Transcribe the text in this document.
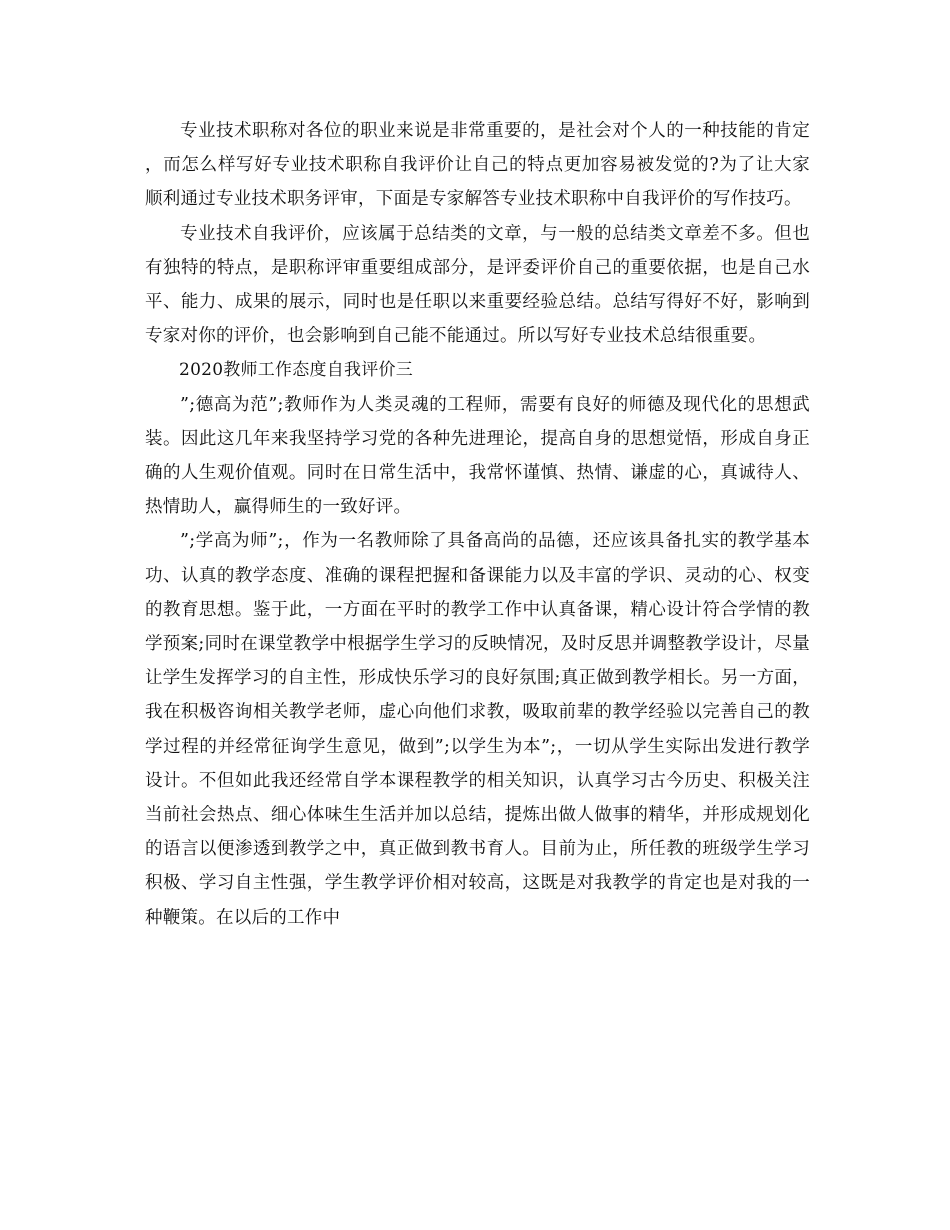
专业技术职称对各位的职业来说是非常重要的，是社会对个人的一种技能的肯定，而怎么样写好专业技术职称自我评价让自己的特点更加容易被发觉的?为了让大家顺利通过专业技术职务评审，下面是专家解答专业技术职称中自我评价的写作技巧。

专业技术自我评价，应该属于总结类的文章，与一般的总结类文章差不多。但也有独特的特点，是职称评审重要组成部分，是评委评价自己的重要依据，也是自己水平、能力、成果的展示，同时也是任职以来重要经验总结。总结写得好不好，影响到专家对你的评价，也会影响到自己能不能通过。所以写好专业技术总结很重要。

2020教师工作态度自我评价三

”;德高为范”;教师作为人类灵魂的工程师，需要有良好的师德及现代化的思想武装。因此这几年来我坚持学习党的各种先进理论，提高自身的思想觉悟，形成自身正确的人生观价值观。同时在日常生活中，我常怀谨慎、热情、谦虚的心，真诚待人、热情助人，赢得师生的一致好评。

”;学高为师”;，作为一名教师除了具备高尚的品德，还应该具备扎实的教学基本功、认真的教学态度、准确的课程把握和备课能力以及丰富的学识、灵动的心、权变的教育思想。鉴于此，一方面在平时的教学工作中认真备课，精心设计符合学情的教学预案;同时在课堂教学中根据学生学习的反映情况，及时反思并调整教学设计，尽量让学生发挥学习的自主性，形成快乐学习的良好氛围;真正做到教学相长。另一方面，我在积极咨询相关教学老师，虚心向他们求教，吸取前辈的教学经验以完善自己的教学过程的并经常征询学生意见，做到”;以学生为本”;，一切从学生实际出发进行教学设计。不但如此我还经常自学本课程教学的相关知识，认真学习古今历史、积极关注当前社会热点、细心体味生生活并加以总结，提炼出做人做事的精华，并形成规划化的语言以便渗透到教学之中，真正做到教书育人。目前为止，所任教的班级学生学习积极、学习自主性强，学生教学评价相对较高，这既是对我教学的肯定也是对我的一种鞭策。在以后的工作中
